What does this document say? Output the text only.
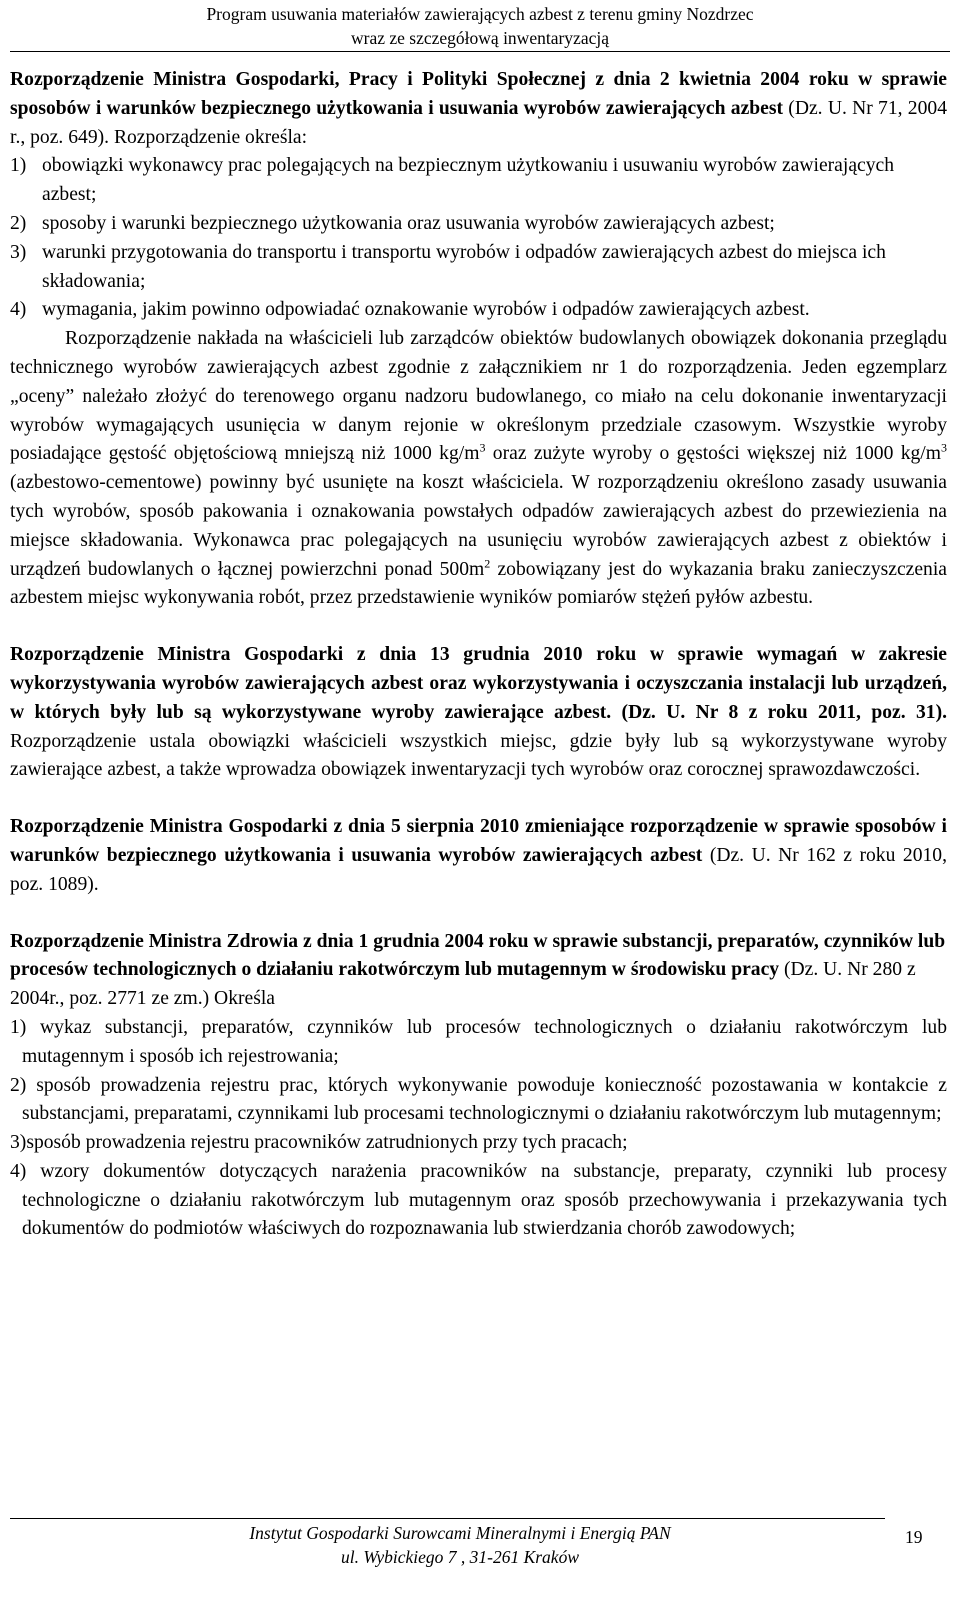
Program usuwania materiałów zawierających azbest z terenu gminy Nozdrzec
wraz ze szczegółową inwentaryzacją

Rozporządzenie Ministra Gospodarki, Pracy i Polityki Społecznej z dnia 2 kwietnia 2004 roku w sprawie sposobów i warunków bezpiecznego użytkowania i usuwania wyrobów zawierających azbest (Dz. U. Nr 71, 2004 r., poz. 649). Rozporządzenie określa:

1) obowiązki wykonawcy prac polegających na bezpiecznym użytkowaniu i usuwaniu wyrobów zawierających azbest;
2) sposoby i warunki bezpiecznego użytkowania oraz usuwania wyrobów zawierających azbest;
3) warunki przygotowania do transportu i transportu wyrobów i odpadów zawierających azbest do miejsca ich składowania;
4) wymagania, jakim powinno odpowiadać oznakowanie wyrobów i odpadów zawierających azbest.

Rozporządzenie nakłada na właścicieli lub zarządców obiektów budowlanych obowiązek dokonania przeglądu technicznego wyrobów zawierających azbest zgodnie z załącznikiem nr 1 do rozporządzenia. Jeden egzemplarz „oceny” należało złożyć do terenowego organu nadzoru budowlanego, co miało na celu dokonanie inwentaryzacji wyrobów wymagających usunięcia w danym rejonie w określonym przedziale czasowym. Wszystkie wyroby posiadające gęstość objętościową mniejszą niż 1000 $kg/m^3$ oraz zużyte wyroby o gęstości większej niż 1000 $kg/m^3$ (azbestowo-cementowe) powinny być usunięte na koszt właściciela. W rozporządzeniu określono zasady usuwania tych wyrobów, sposób pakowania i oznakowania powstałych odpadów zawierających azbest do przewiezienia na miejsce składowania. Wykonawca prac polegających na usunięciu wyrobów zawierających azbest z obiektów i urządzeń budowlanych o łącznej powierzchni ponad $500m^2$ zobowiązany jest do wykazania braku zanieczyszczenia azbestem miejsc wykonywania robót, przez przedstawienie wyników pomiarów stężeń pyłów azbestu.

Rozporządzenie Ministra Gospodarki z dnia 13 grudnia 2010 roku w sprawie wymagań w zakresie wykorzystywania wyrobów zawierających azbest oraz wykorzystywania i oczyszczania instalacji lub urządzeń, w których były lub są wykorzystywane wyroby zawierające azbest. (Dz. U. Nr 8 z roku 2011, poz. 31). Rozporządzenie ustala obowiązki właścicieli wszystkich miejsc, gdzie były lub są wykorzystywane wyroby zawierające azbest, a także wprowadza obowiązek inwentaryzacji tych wyrobów oraz corocznej sprawozdawczości.

Rozporządzenie Ministra Gospodarki z dnia 5 sierpnia 2010 zmieniające rozporządzenie w sprawie sposobów i warunków bezpiecznego użytkowania i usuwania wyrobów zawierających azbest (Dz. U. Nr 162 z roku 2010, poz. 1089).

Rozporządzenie Ministra Zdrowia z dnia 1 grudnia 2004 roku w sprawie substancji, preparatów, czynników lub procesów technologicznych o działaniu rakotwórczym lub mutagennym w środowisku pracy (Dz. U. Nr 280 z 2004r., poz. 2771 ze zm.) Określa

1) wykaz substancji, preparatów, czynników lub procesów technologicznych o działaniu rakotwórczym lub mutagennym i sposób ich rejestrowania;

2) sposób prowadzenia rejestru prac, których wykonywanie powoduje konieczność pozostawania w kontakcie z substancjami, preparatami, czynnikami lub procesami technologicznymi o działaniu rakotwórczym lub mutagennym;

3)sposób prowadzenia rejestru pracowników zatrudnionych przy tych pracach;

4) wzory dokumentów dotyczących narażenia pracowników na substancje, preparaty, czynniki lub procesy technologiczne o działaniu rakotwórczym lub mutagennym oraz sposób przechowywania i przekazywania tych dokumentów do podmiotów właściwych do rozpoznawania lub stwierdzania chorób zawodowych;

Instytut Gospodarki Surowcami Mineralnymi i Energią PAN
ul. Wybickiego 7 , 31-261 Kraków
19
